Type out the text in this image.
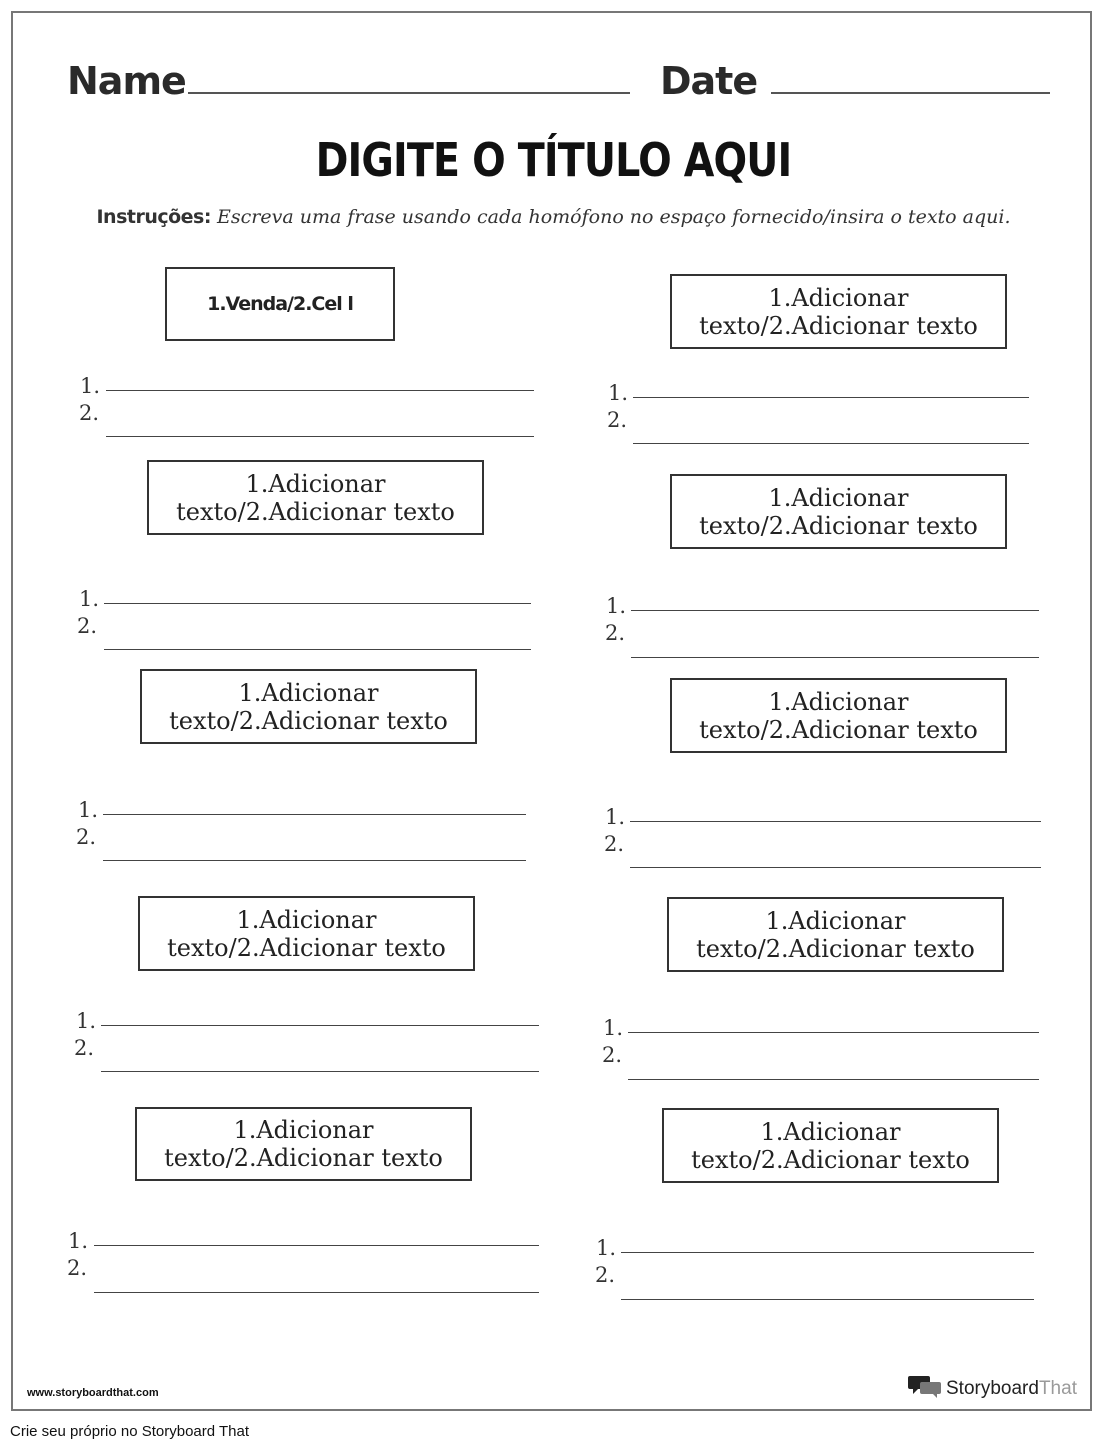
Name	Date
DIGITE O TÍTULO AQUI
Instruções: Escreva uma frase usando cada homófono no espaço fornecido/insira o texto aqui.
1.Venda/2.Cel l
1.
2.
1.Adicionar texto/2.Adicionar texto
1.
2.
1.Adicionar texto/2.Adicionar texto
1.
2.
1.Adicionar texto/2.Adicionar texto
1.
2.
1.Adicionar texto/2.Adicionar texto
1.
2.
1.Adicionar texto/2.Adicionar texto
1.
2.
1.Adicionar texto/2.Adicionar texto
1.
2.
1.Adicionar texto/2.Adicionar texto
1.
2.
1.Adicionar texto/2.Adicionar texto
1.
2.
1.Adicionar texto/2.Adicionar texto
1.
2.
www.storyboardthat.com	StoryboardThat
Crie seu próprio no Storyboard That
